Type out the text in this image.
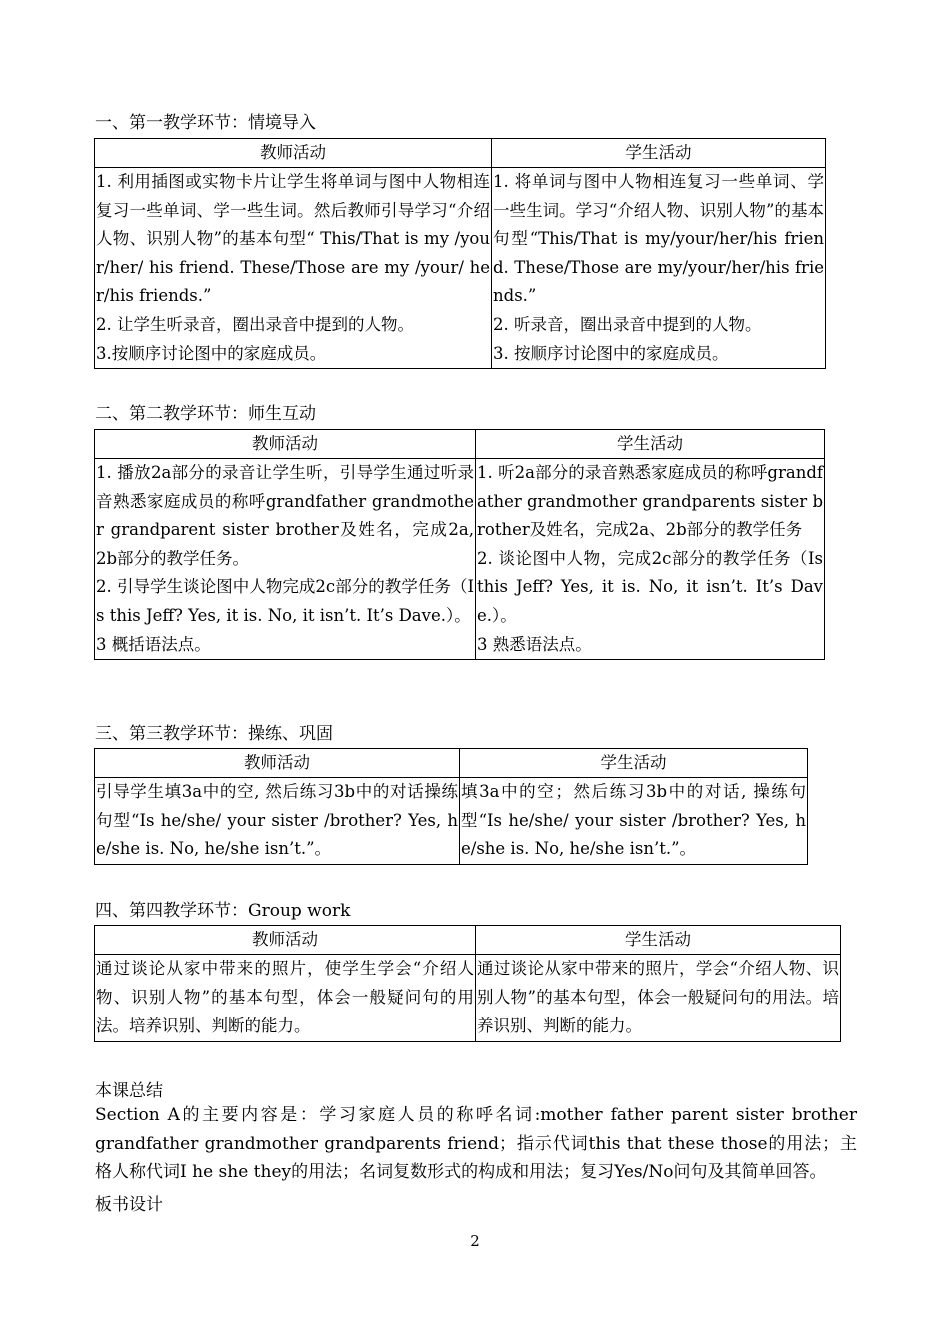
一、第一教学环节：情境导入
教师活动	学生活动

1. 利用插图或实物卡片让学生将单词与图中人物相连复习一些单词、学一些生词。然后教师引导学习“介绍人物、识别人物”的基本句型“ This/That is my /your/her/ his friend. These/Those are my /your/ her/his friends.”
2. 让学生听录音，圈出录音中提到的人物。
3.按顺序讨论图中的家庭成员。	1. 将单词与图中人物相连复习一些单词、学一些生词。学习“介绍人物、识别人物”的基本句型“This/That is my/your/her/his friend. These/Those are my/your/her/his friends.”
2. 听录音，圈出录音中提到的人物。
3. 按顺序讨论图中的家庭成员。
二、第二教学环节：师生互动
教师活动	学生活动

1. 播放2a部分的录音让学生听，引导学生通过听录音熟悉家庭成员的称呼grandfather grandmother grandparent sister brother及姓名，完成2a, 2b部分的教学任务。
2. 引导学生谈论图中人物完成2c部分的教学任务（Is this Jeff? Yes, it is. No, it isn’t. It’s Dave.）。
3 概括语法点。	1. 听2a部分的录音熟悉家庭成员的称呼grandfather grandmother grandparents sister brother及姓名，完成2a、2b部分的教学任务
2. 谈论图中人物，完成2c部分的教学任务（Is this Jeff? Yes, it is. No, it isn’t. It’s Dave.）。
3 熟悉语法点。
三、第三教学环节：操练、巩固
教师活动	学生活动

引导学生填3a中的空, 然后练习3b中的对话操练句型“Is he/she/ your sister /brother? Yes, he/she is. No, he/she isn’t.”。	填3a中的空；然后练习3b中的对话, 操练句型“Is he/she/ your sister /brother? Yes, he/she is. No, he/she isn’t.”。
四、第四教学环节：Group work
教师活动	学生活动

通过谈论从家中带来的照片，使学生学会“介绍人物、识别人物”的基本句型，体会一般疑问句的用法。培养识别、判断的能力。	通过谈论从家中带来的照片，学会“介绍人物、识别人物”的基本句型，体会一般疑问句的用法。培养识别、判断的能力。
本课总结
Section A的主要内容是：学习家庭人员的称呼名词:mother father parent sister brother grandfather grandmother grandparents friend；指示代词this that these those的用法；主格人称代词I he she they的用法；名词复数形式的构成和用法；复习Yes/No问句及其简单回答。
板书设计
2
